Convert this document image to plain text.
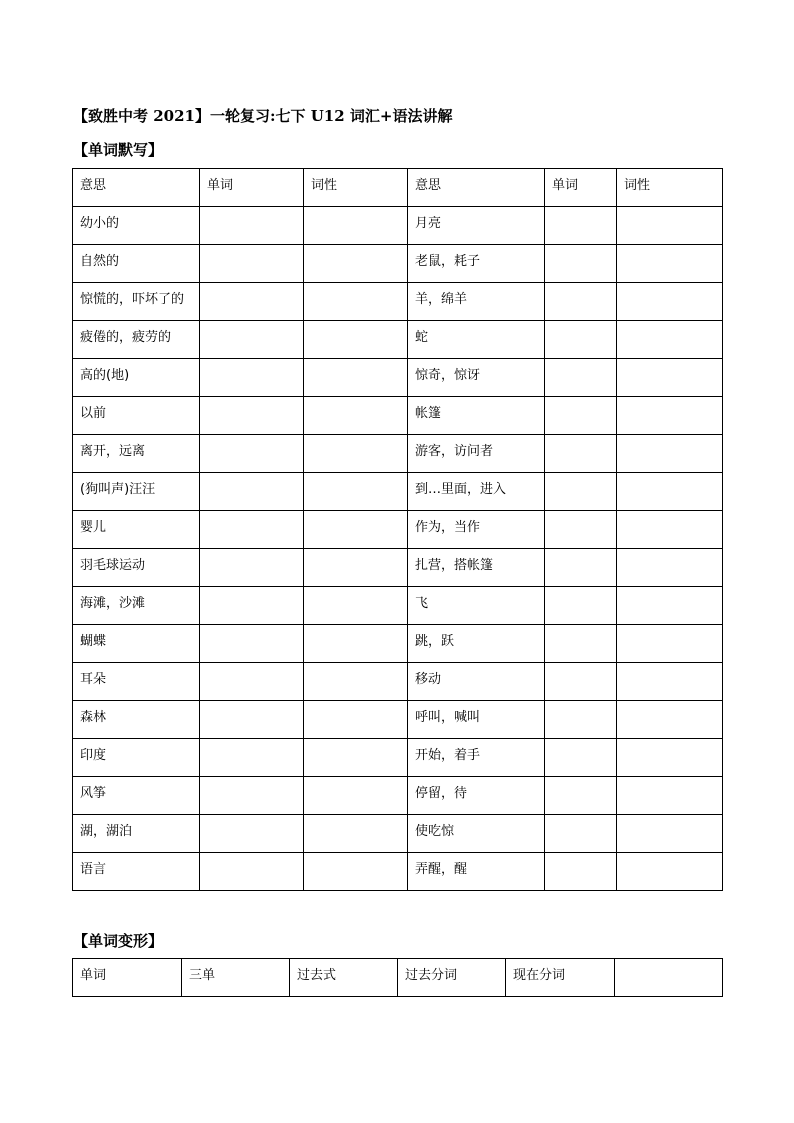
【致胜中考 2021】一轮复习:七下 U12 词汇+语法讲解
【单词默写】
意思	单词	词性	意思	单词	词性
幼小的			月亮		
自然的			老鼠，耗子		
惊慌的，吓坏了的			羊，绵羊		
疲倦的，疲劳的			蛇		
高的(地)			惊奇，惊讶		
以前			帐篷		
离开，远离			游客，访问者		
(狗叫声)汪汪			到…里面，进入		
婴儿			作为，当作		
羽毛球运动			扎营，搭帐篷		
海滩，沙滩			飞		
蝴蝶			跳，跃		
耳朵			移动		
森林			呼叫，喊叫		
印度			开始，着手		
风筝			停留，待		
湖，湖泊			使吃惊		
语言			弄醒，醒		
【单词变形】
单词	三单	过去式	过去分词	现在分词	
